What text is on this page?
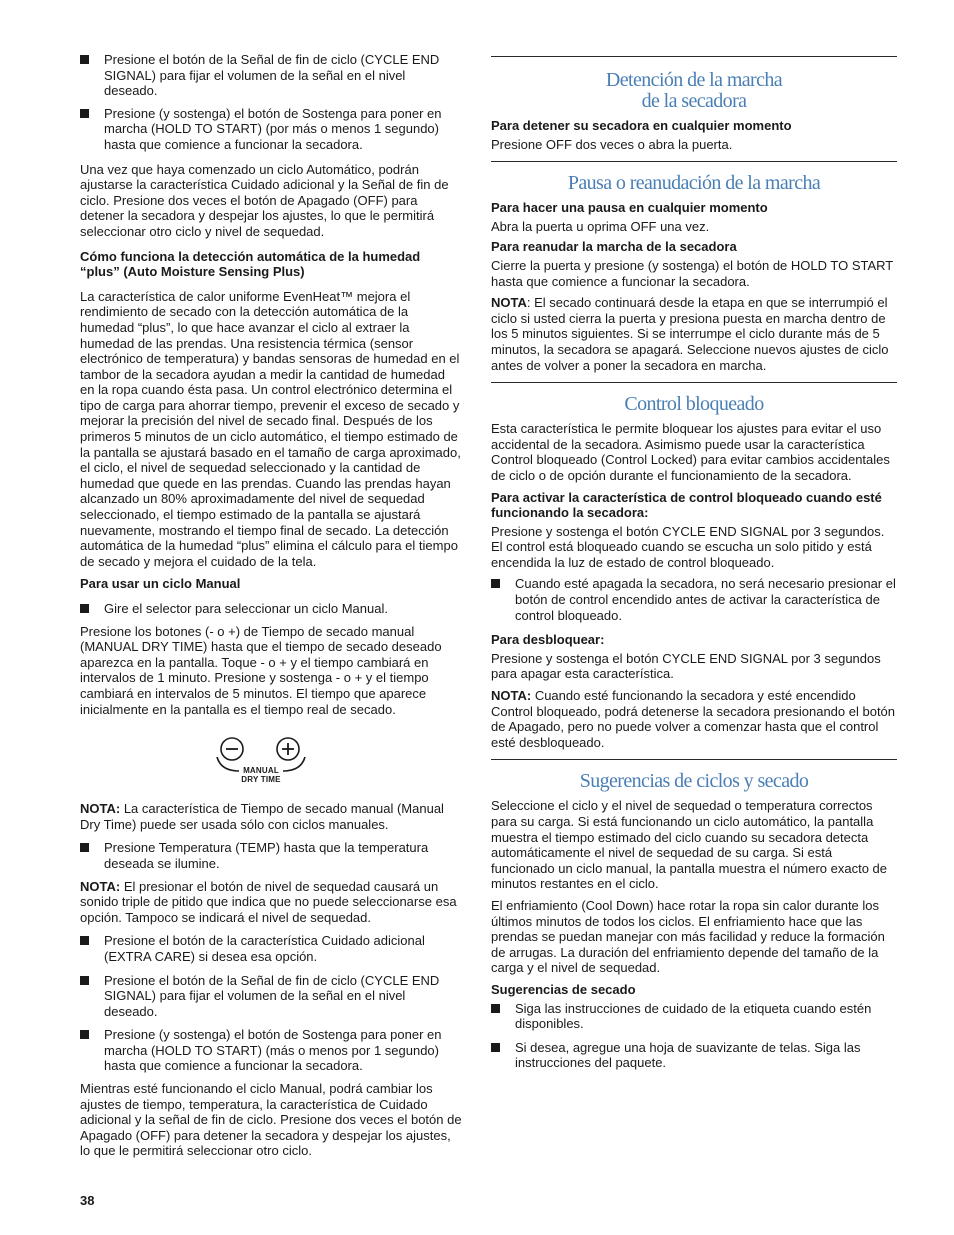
Presione el botón de la Señal de fin de ciclo (CYCLE END SIGNAL) para fijar el volumen de la señal en el nivel deseado.
Presione (y sostenga) el botón de Sostenga para poner en marcha (HOLD TO START) (por más o menos 1 segundo) hasta que comience a funcionar la secadora.

Una vez que haya comenzado un ciclo Automático, podrán ajustarse la característica Cuidado adicional y la Señal de fin de ciclo. Presione dos veces el botón de Apagado (OFF) para detener la secadora y despejar los ajustes, lo que le permitirá seleccionar otro ciclo y nivel de sequedad.

Cómo funciona la detección automática de la humedad “plus” (Auto Moisture Sensing Plus)

La característica de calor uniforme EvenHeat™ mejora el rendimiento de secado con la detección automática de la humedad “plus”, lo que hace avanzar el ciclo al extraer la humedad de las prendas. Una resistencia térmica (sensor electrónico de temperatura) y bandas sensoras de humedad en el tambor de la secadora ayudan a medir la cantidad de humedad en la ropa cuando ésta pasa. Un control electrónico determina el tipo de carga para ahorrar tiempo, prevenir el exceso de secado y mejorar la precisión del nivel de secado final. Después de los primeros 5 minutos de un ciclo automático, el tiempo estimado de la pantalla se ajustará basado en el tamaño de carga aproximado, el ciclo, el nivel de sequedad seleccionado y la cantidad de humedad que quede en las prendas. Cuando las prendas hayan alcanzado un 80% aproximadamente del nivel de sequedad seleccionado, el tiempo estimado de la pantalla se ajustará nuevamente, mostrando el tiempo final de secado. La detección automática de la humedad “plus” elimina el cálculo para el tiempo de secado y mejora el cuidado de la tela.

Para usar un ciclo Manual

Gire el selector para seleccionar un ciclo Manual.

Presione los botones (- o +) de Tiempo de secado manual (MANUAL DRY TIME) hasta que el tiempo de secado deseado aparezca en la pantalla. Toque - o + y el tiempo cambiará en intervalos de 1 minuto. Presione y sostenga - o + y el tiempo cambiará en intervalos de 5 minutos. El tiempo que aparece inicialmente en la pantalla es el tiempo real de secado.

MANUAL
DRY TIME

NOTA: La característica de Tiempo de secado manual (Manual Dry Time) puede ser usada sólo con ciclos manuales.

Presione Temperatura (TEMP) hasta que la temperatura deseada se ilumine.

NOTA: El presionar el botón de nivel de sequedad causará un sonido triple de pitido que indica que no puede seleccionarse esa opción. Tampoco se indicará el nivel de sequedad.

Presione el botón de la característica Cuidado adicional (EXTRA CARE) si desea esa opción.
Presione el botón de la Señal de fin de ciclo (CYCLE END SIGNAL) para fijar el volumen de la señal en el nivel deseado.
Presione (y sostenga) el botón de Sostenga para poner en marcha (HOLD TO START) (más o menos por 1 segundo) hasta que comience a funcionar la secadora.

Mientras esté funcionando el ciclo Manual, podrá cambiar los ajustes de tiempo, temperatura, la característica de Cuidado adicional y la señal de fin de ciclo. Presione dos veces el botón de Apagado (OFF) para detener la secadora y despejar los ajustes, lo que le permitirá seleccionar otro ciclo.

Detención de la marcha
de la secadora

Para detener su secadora en cualquier momento

Presione OFF dos veces o abra la puerta.

Pausa o reanudación de la marcha

Para hacer una pausa en cualquier momento

Abra la puerta u oprima OFF una vez.

Para reanudar la marcha de la secadora

Cierre la puerta y presione (y sostenga) el botón de HOLD TO START hasta que comience a funcionar la secadora.

NOTA: El secado continuará desde la etapa en que se interrumpió el ciclo si usted cierra la puerta y presiona puesta en marcha dentro de los 5 minutos siguientes. Si se interrumpe el ciclo durante más de 5 minutos, la secadora se apagará. Seleccione nuevos ajustes de ciclo antes de volver a poner la secadora en marcha.

Control bloqueado

Esta característica le permite bloquear los ajustes para evitar el uso accidental de la secadora. Asimismo puede usar la característica Control bloqueado (Control Locked) para evitar cambios accidentales de ciclo o de opción durante el funcionamiento de la secadora.

Para activar la característica de control bloqueado cuando esté funcionando la secadora:

Presione y sostenga el botón CYCLE END SIGNAL por 3 segundos. El control está bloqueado cuando se escucha un solo pitido y está encendida la luz de estado de control bloqueado.

Cuando esté apagada la secadora, no será necesario presionar el botón de control encendido antes de activar la característica de control bloqueado.

Para desbloquear:

Presione y sostenga el botón CYCLE END SIGNAL por 3 segundos para apagar esta característica.

NOTA: Cuando esté funcionando la secadora y esté encendido Control bloqueado, podrá detenerse la secadora presionando el botón de Apagado, pero no puede volver a comenzar hasta que el control esté desbloqueado.

Sugerencias de ciclos y secado

Seleccione el ciclo y el nivel de sequedad o temperatura correctos para su carga. Si está funcionando un ciclo automático, la pantalla muestra el tiempo estimado del ciclo cuando su secadora detecta automáticamente el nivel de sequedad de su carga. Si está funcionado un ciclo manual, la pantalla muestra el número exacto de minutos restantes en el ciclo.

El enfriamiento (Cool Down) hace rotar la ropa sin calor durante los últimos minutos de todos los ciclos. El enfriamiento hace que las prendas se puedan manejar con más facilidad y reduce la formación de arrugas. La duración del enfriamiento depende del tamaño de la carga y el nivel de sequedad.

Sugerencias de secado

Siga las instrucciones de cuidado de la etiqueta cuando estén disponibles.
Si desea, agregue una hoja de suavizante de telas. Siga las instrucciones del paquete.
38
